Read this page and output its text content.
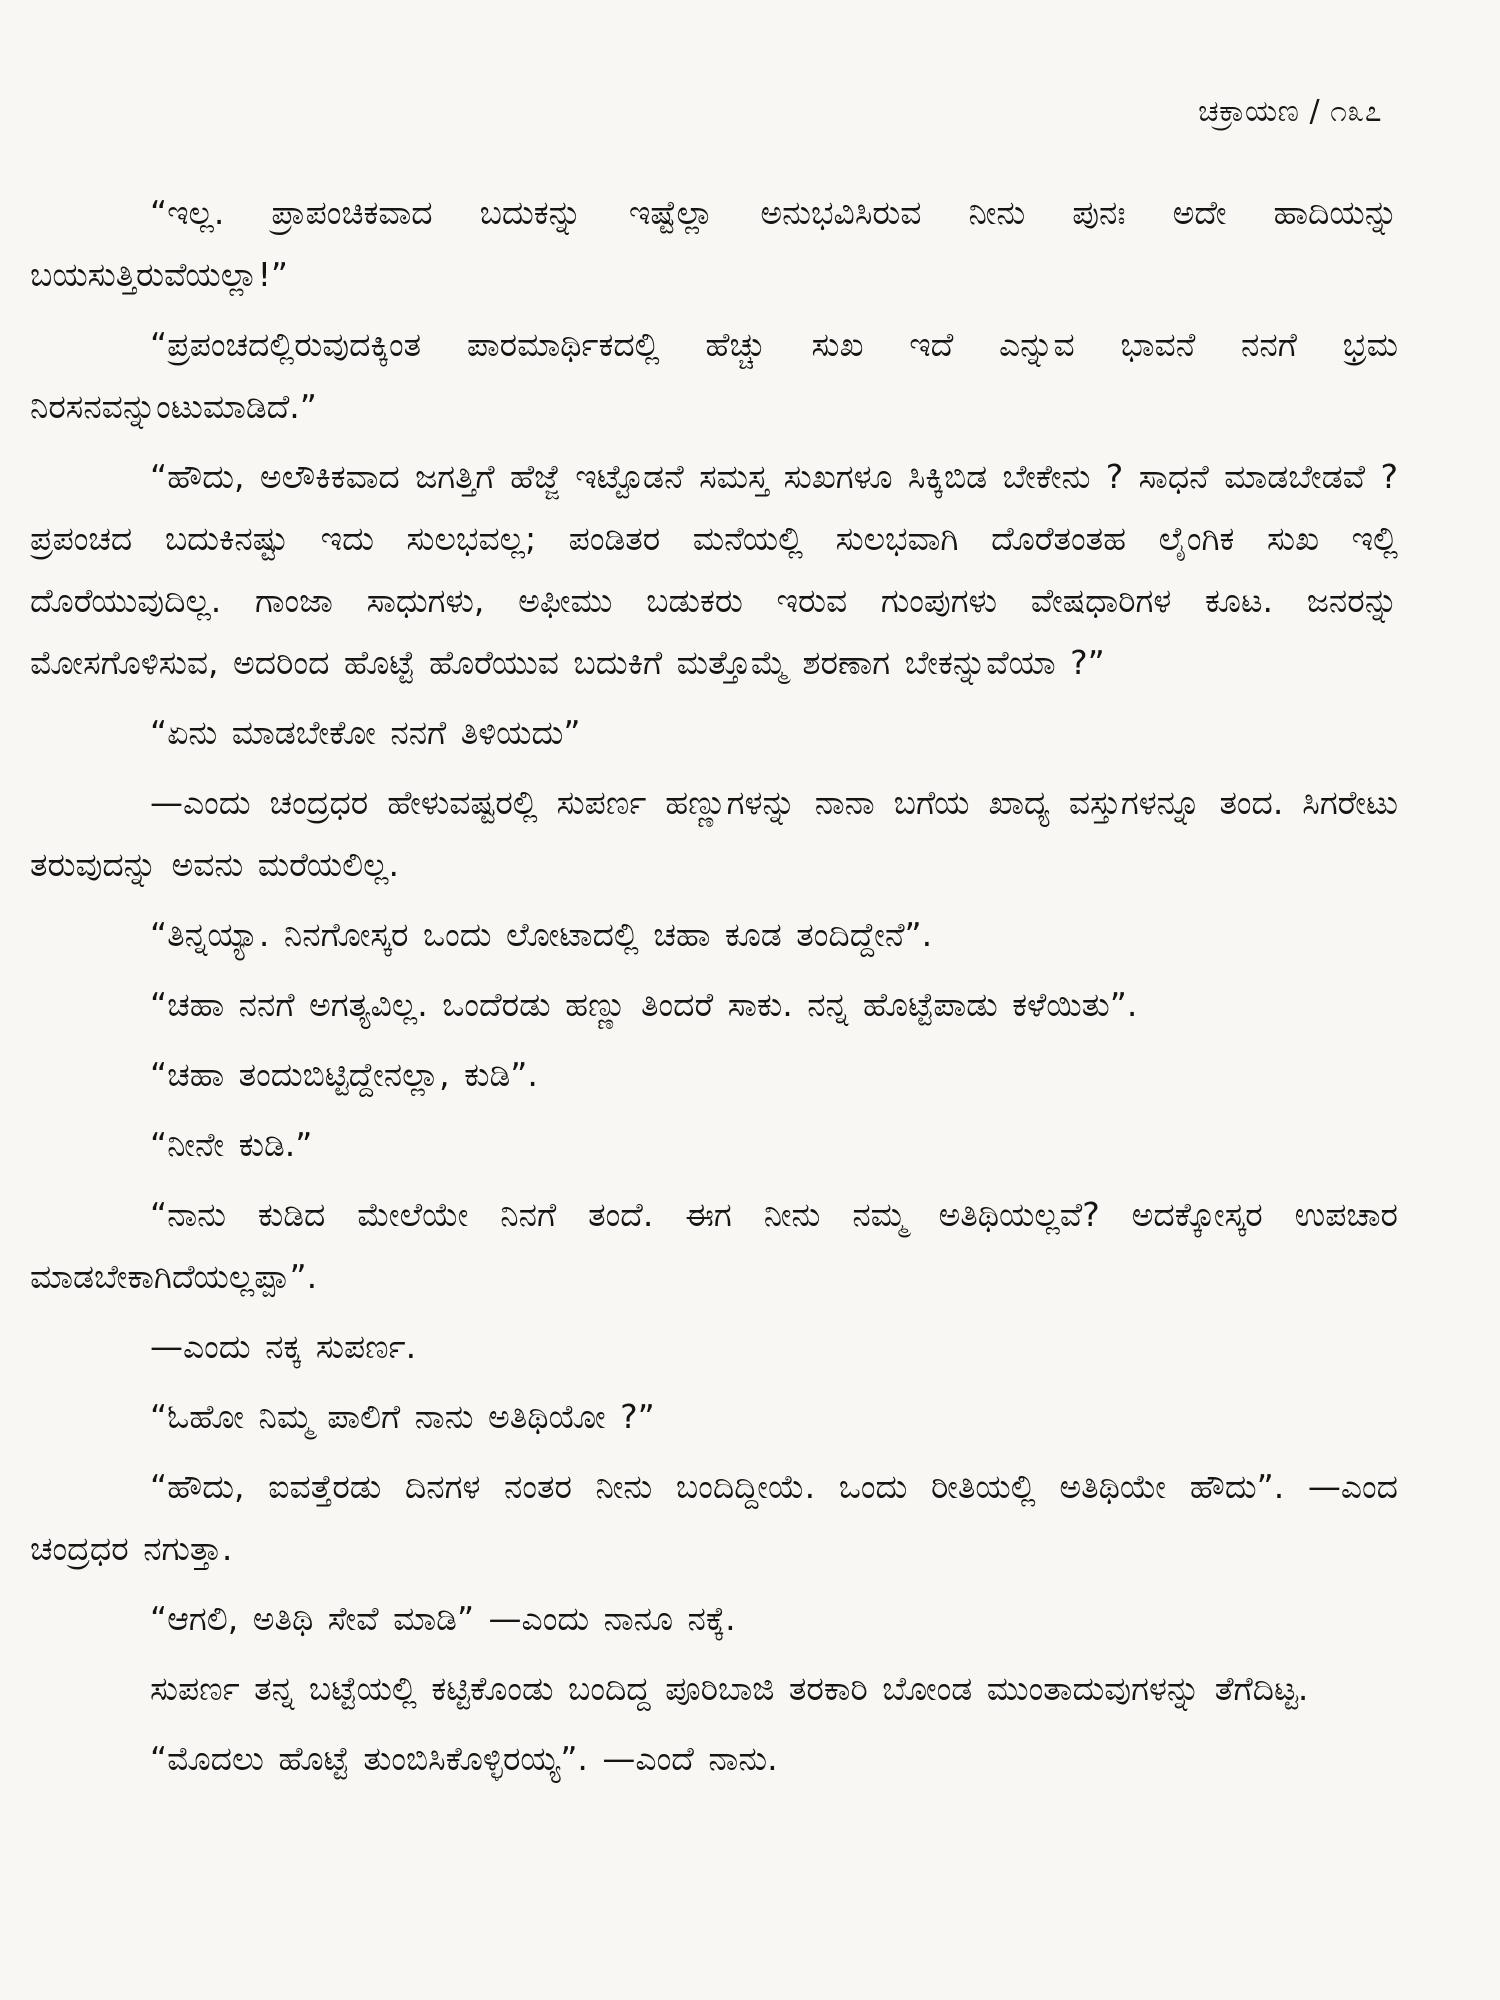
ಚಕ್ರಾಯಣ / ೧೩೭

“ಇಲ್ಲ. ಪ್ರಾಪಂಚಿಕವಾದ ಬದುಕನ್ನು ಇಷ್ಟೆಲ್ಲಾ ಅನುಭವಿಸಿರುವ ನೀನು ಪುನಃ ಅದೇ ಹಾದಿಯನ್ನು ಬಯಸುತ್ತಿರುವೆಯಲ್ಲಾ!”

“ಪ್ರಪಂಚದಲ್ಲಿರುವುದಕ್ಕಿಂತ ಪಾರಮಾರ್ಥಿಕದಲ್ಲಿ ಹೆಚ್ಚು ಸುಖ ಇದೆ ಎನ್ನುವ ಭಾವನೆ ನನಗೆ ಭ್ರಮ ನಿರಸನವನ್ನುಂಟುಮಾಡಿದೆ.”

“ಹೌದು, ಅಲೌಕಿಕವಾದ ಜಗತ್ತಿಗೆ ಹೆಜ್ಜೆ ಇಟ್ಟೊಡನೆ ಸಮಸ್ತ ಸುಖಗಳೂ ಸಿಕ್ಕಿಬಿಡ ಬೇಕೇನು ? ಸಾಧನೆ ಮಾಡಬೇಡವೆ ? ಪ್ರಪಂಚದ ಬದುಕಿನಷ್ಟು ಇದು ಸುಲಭವಲ್ಲ; ಪಂಡಿತರ ಮನೆಯಲ್ಲಿ ಸುಲಭವಾಗಿ ದೊರೆತಂತಹ ಲೈಂಗಿಕ ಸುಖ ಇಲ್ಲಿ ದೊರೆಯುವುದಿಲ್ಲ. ಗಾಂಜಾ ಸಾಧುಗಳು, ಅಫೀಮು ಬಡುಕರು ಇರುವ ಗುಂಪುಗಳು ವೇಷಧಾರಿಗಳ ಕೂಟ. ಜನರನ್ನು ಮೋಸಗೊಳಿಸುವ, ಅದರಿಂದ ಹೊಟ್ಟೆ ಹೊರೆಯುವ ಬದುಕಿಗೆ ಮತ್ತೊಮ್ಮೆ ಶರಣಾಗ ಬೇಕನ್ನುವೆಯಾ ?”

“ಏನು ಮಾಡಬೇಕೋ ನನಗೆ ತಿಳಿಯದು”

—ಎಂದು ಚಂದ್ರಧರ ಹೇಳುವಷ್ಟರಲ್ಲಿ ಸುಪರ್ಣ ಹಣ್ಣುಗಳನ್ನು ನಾನಾ ಬಗೆಯ ಖಾದ್ಯ ವಸ್ತುಗಳನ್ನೂ ತಂದ. ಸಿಗರೇಟು ತರುವುದನ್ನು ಅವನು ಮರೆಯಲಿಲ್ಲ.

“ತಿನ್ನಯ್ಯಾ. ನಿನಗೋಸ್ಕರ ಒಂದು ಲೋಟಾದಲ್ಲಿ ಚಹಾ ಕೂಡ ತಂದಿದ್ದೇನೆ”.

“ಚಹಾ ನನಗೆ ಅಗತ್ಯವಿಲ್ಲ. ಒಂದೆರಡು ಹಣ್ಣು ತಿಂದರೆ ಸಾಕು. ನನ್ನ ಹೊಟ್ಟೆಪಾಡು ಕಳೆಯಿತು”.

“ಚಹಾ ತಂದುಬಿಟ್ಟಿದ್ದೇನಲ್ಲಾ, ಕುಡಿ”.

“ನೀನೇ ಕುಡಿ.”

“ನಾನು ಕುಡಿದ ಮೇಲೆಯೇ ನಿನಗೆ ತಂದೆ. ಈಗ ನೀನು ನಮ್ಮ ಅತಿಥಿಯಲ್ಲವೆ? ಅದಕ್ಕೋಸ್ಕರ ಉಪಚಾರ ಮಾಡಬೇಕಾಗಿದೆಯಲ್ಲಪ್ಪಾ”.

—ಎಂದು ನಕ್ಕ ಸುಪರ್ಣ.

“ಓಹೋ ನಿಮ್ಮ ಪಾಲಿಗೆ ನಾನು ಅತಿಥಿಯೋ ?”

“ಹೌದು, ಐವತ್ತೆರಡು ದಿನಗಳ ನಂತರ ನೀನು ಬಂದಿದ್ದೀಯೆ. ಒಂದು ರೀತಿಯಲ್ಲಿ ಅತಿಥಿಯೇ ಹೌದು”. —ಎಂದ ಚಂದ್ರಧರ ನಗುತ್ತಾ.

“ಆಗಲಿ, ಅತಿಥಿ ಸೇವೆ ಮಾಡಿ” —ಎಂದು ನಾನೂ ನಕ್ಕೆ.

ಸುಪರ್ಣ ತನ್ನ ಬಟ್ಟೆಯಲ್ಲಿ ಕಟ್ಟಿಕೊಂಡು ಬಂದಿದ್ದ ಪೂರಿಬಾಜಿ ತರಕಾರಿ ಬೋಂಡ ಮುಂತಾದುವುಗಳನ್ನು ತೆಗೆದಿಟ್ಟ.

“ಮೊದಲು ಹೊಟ್ಟೆ ತುಂಬಿಸಿಕೊಳ್ಳಿರಯ್ಯ”. —ಎಂದೆ ನಾನು.
